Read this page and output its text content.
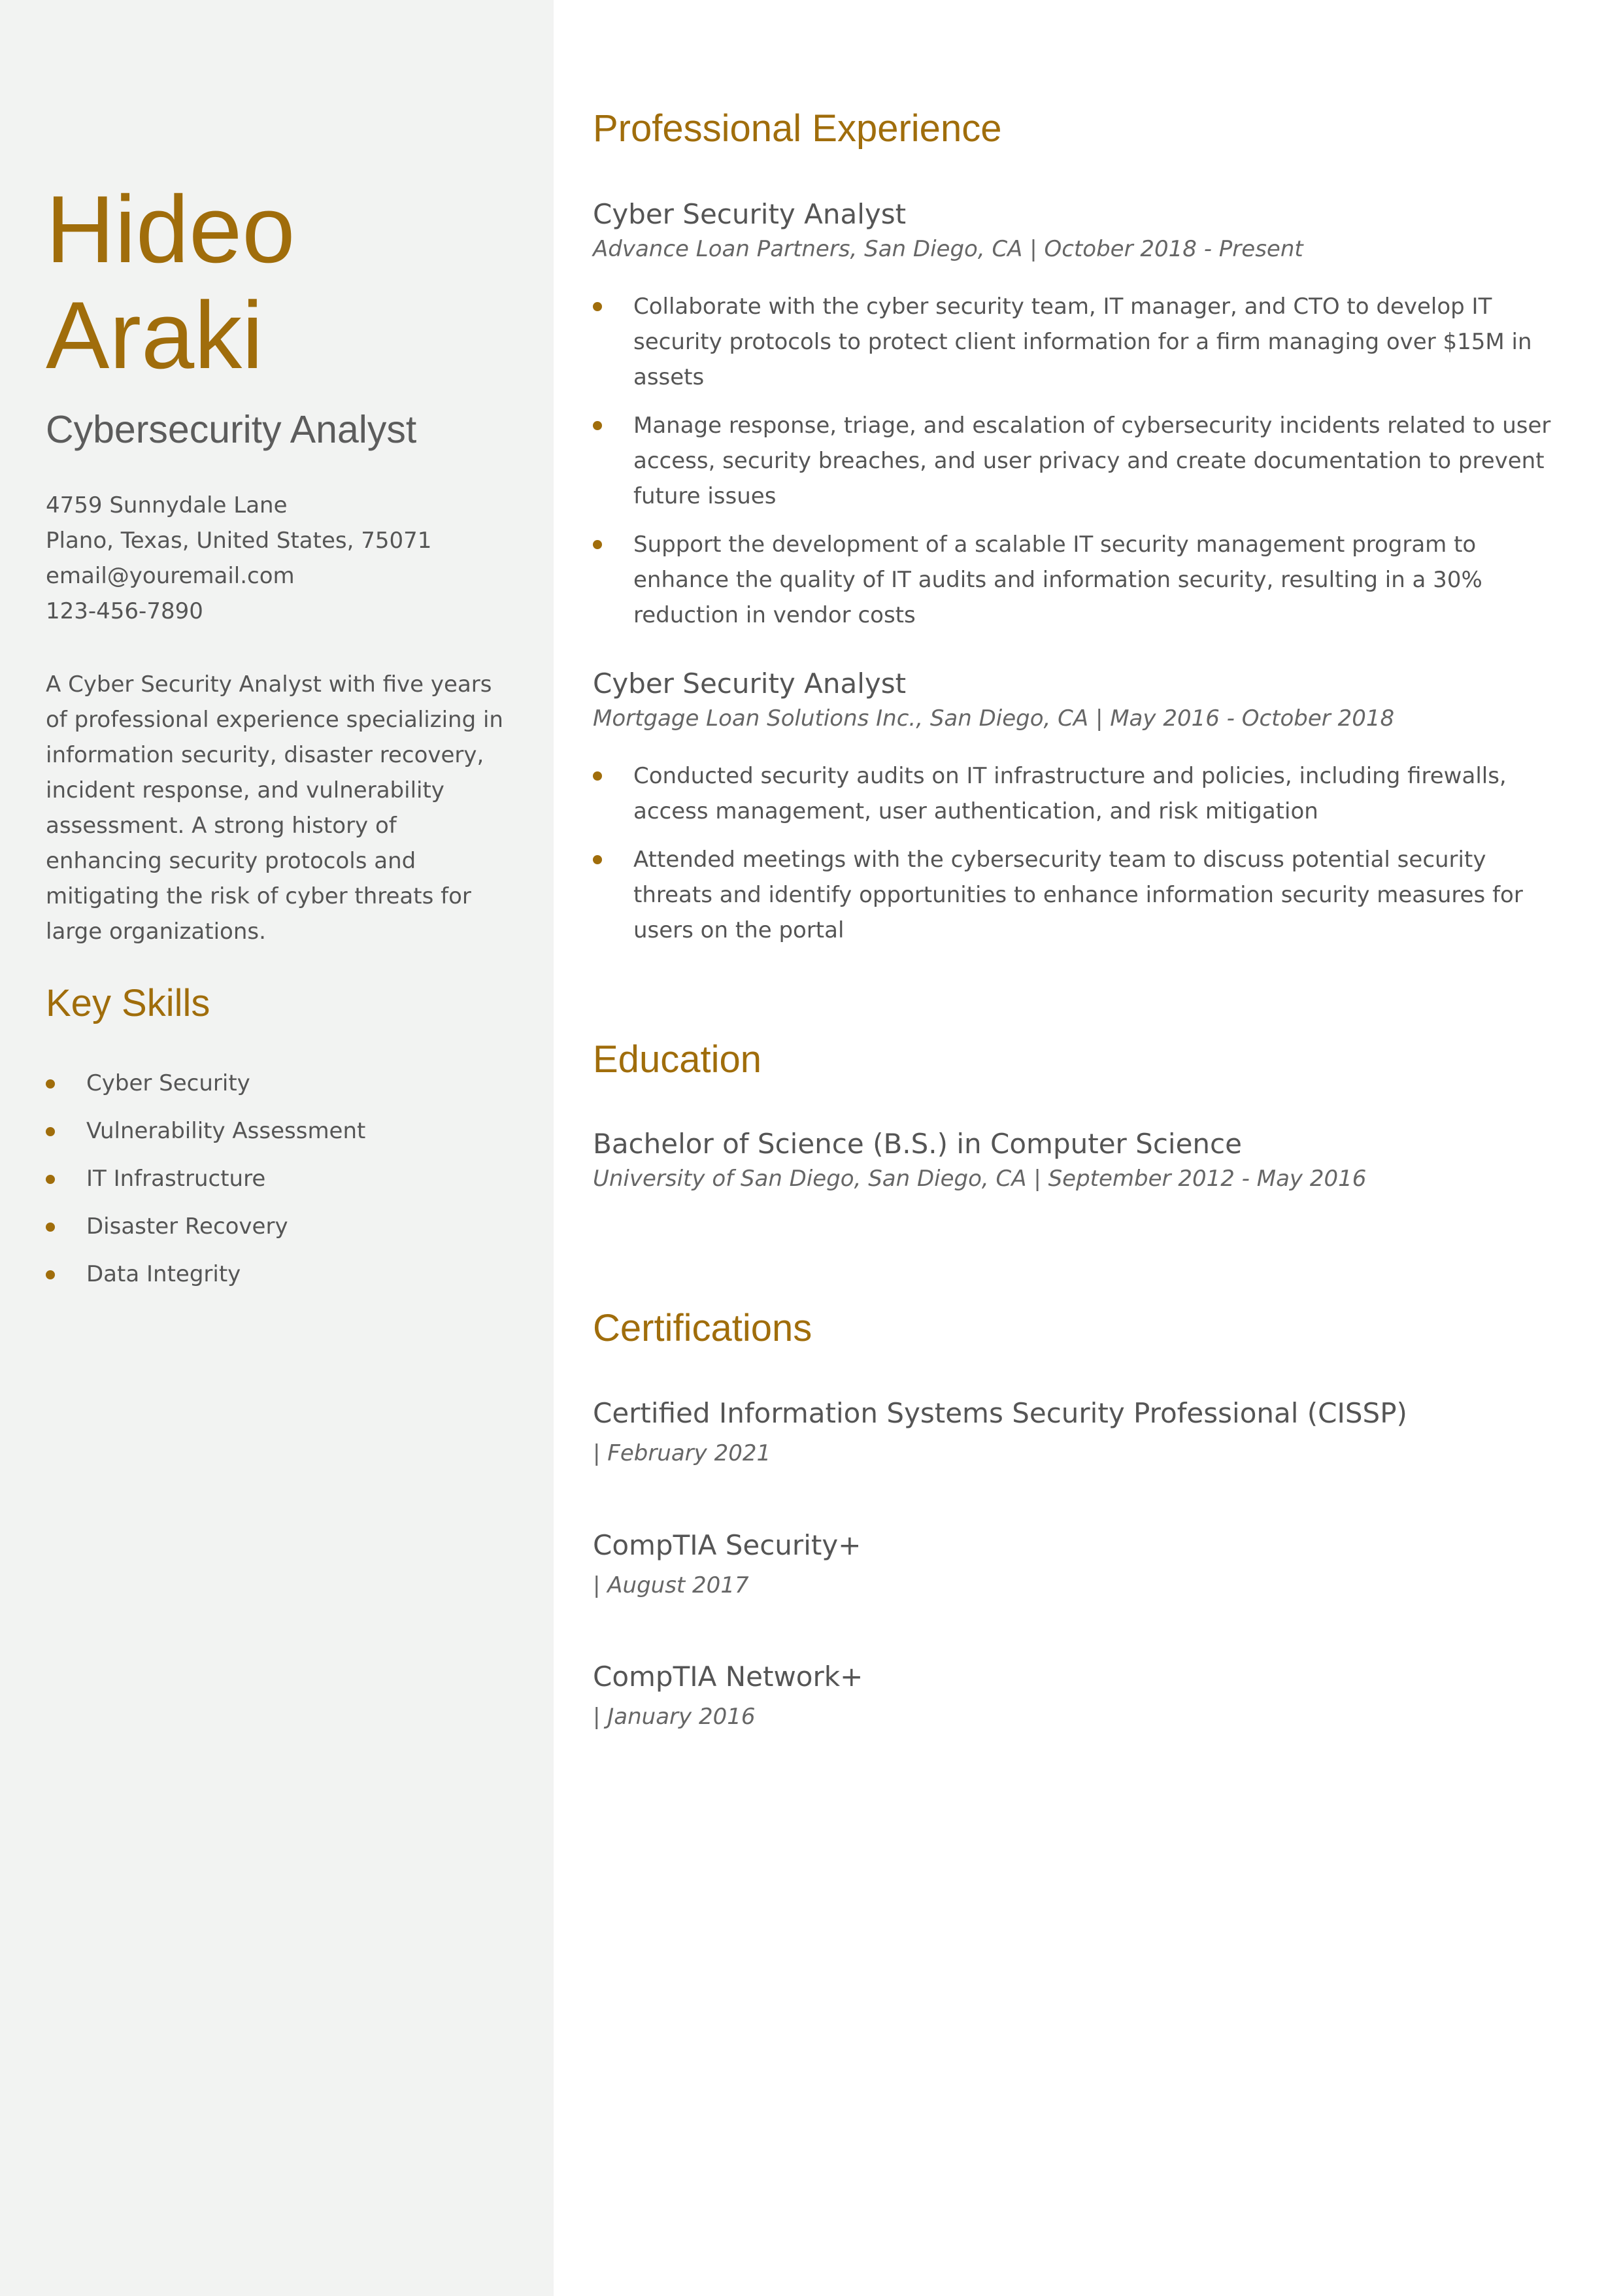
Hideo
Araki
Cybersecurity Analyst
4759 Sunnydale Lane
Plano, Texas, United States, 75071
email@youremail.com
123-456-7890

A Cyber Security Analyst with five years of professional experience specializing in information security, disaster recovery, incident response, and vulnerability assessment. A strong history of enhancing security protocols and mitigating the risk of cyber threats for large organizations.

Key Skills
Cyber Security
Vulnerability Assessment
IT Infrastructure
Disaster Recovery
Data Integrity
Professional Experience
Cyber Security Analyst
Advance Loan Partners, San Diego, CA | October 2018 - Present
Collaborate with the cyber security team, IT manager, and CTO to develop IT security protocols to protect client information for a firm managing over $15M in assets
Manage response, triage, and escalation of cybersecurity incidents related to user access, security breaches, and user privacy and create documentation to prevent future issues
Support the development of a scalable IT security management program to enhance the quality of IT audits and information security, resulting in a 30% reduction in vendor costs
Cyber Security Analyst
Mortgage Loan Solutions Inc., San Diego, CA | May 2016 - October 2018
Conducted security audits on IT infrastructure and policies, including firewalls, access management, user authentication, and risk mitigation
Attended meetings with the cybersecurity team to discuss potential security threats and identify opportunities to enhance information security measures for users on the portal
Education
Bachelor of Science (B.S.) in Computer Science
University of San Diego, San Diego, CA | September 2012 - May 2016
Certifications
Certified Information Systems Security Professional (CISSP)
| February 2021
CompTIA Security+
| August 2017
CompTIA Network+
| January 2016
